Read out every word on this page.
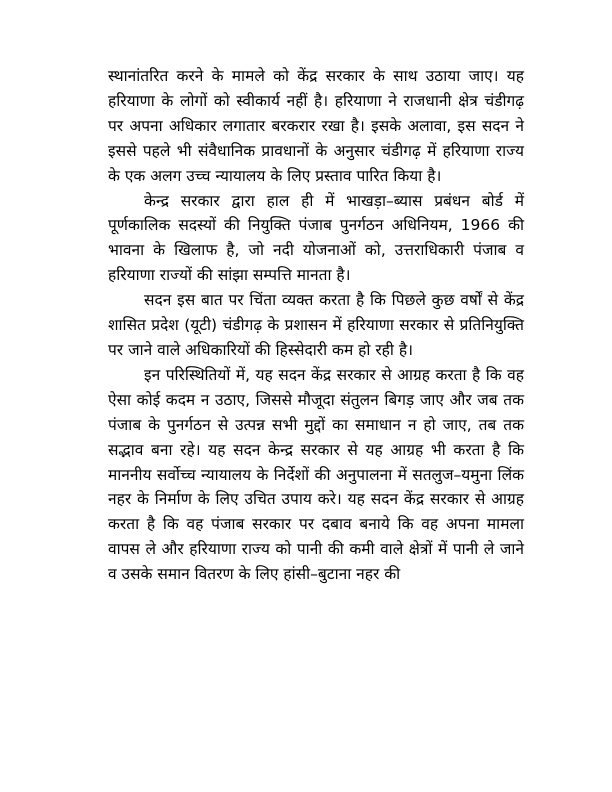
स्थानांतरित करने के मामले को केंद्र सरकार के साथ उठाया जाए। यह हरियाणा के लोगों को स्वीकार्य नहीं है। हरियाणा ने राजधानी क्षेत्र चंडीगढ़ पर अपना अधिकार लगातार बरकरार रखा है। इसके अलावा, इस सदन ने इससे पहले भी संवैधानिक प्रावधानों के अनुसार चंडीगढ़ में हरियाणा राज्य के एक अलग उच्च न्यायालय के लिए प्रस्ताव पारित किया है।

केन्द्र सरकार द्वारा हाल ही में भाखड़ा–ब्यास प्रबंधन बोर्ड में पूर्णकालिक सदस्यों की नियुक्ति पंजाब पुनर्गठन अधिनियम, 1966 की भावना के खिलाफ है, जो नदी योजनाओं को, उत्तराधिकारी पंजाब व हरियाणा राज्यों की सांझा सम्पत्ति मानता है।

सदन इस बात पर चिंता व्यक्त करता है कि पिछले कुछ वर्षों से केंद्र शासित प्रदेश (यूटी) चंडीगढ़ के प्रशासन में हरियाणा सरकार से प्रतिनियुक्ति पर जाने वाले अधिकारियों की हिस्सेदारी कम हो रही है।

इन परिस्थितियों में, यह सदन केंद्र सरकार से आग्रह करता है कि वह ऐसा कोई कदम न उठाए, जिससे मौजूदा संतुलन बिगड़ जाए और जब तक पंजाब के पुनर्गठन से उत्पन्न सभी मुद्दों का समाधान न हो जाए, तब तक सद्भाव बना रहे। यह सदन केन्द्र सरकार से यह आग्रह भी करता है कि माननीय सर्वोच्च न्यायालय के निर्देशों की अनुपालना में सतलुज–यमुना लिंक नहर के निर्माण के लिए उचित उपाय करे। यह सदन केंद्र सरकार से आग्रह करता है कि वह पंजाब सरकार पर दबाव बनाये कि वह अपना मामला वापस ले और हरियाणा राज्य को पानी की कमी वाले क्षेत्रों में पानी ले जाने व उसके समान वितरण के लिए हांसी–बुटाना नहर की
